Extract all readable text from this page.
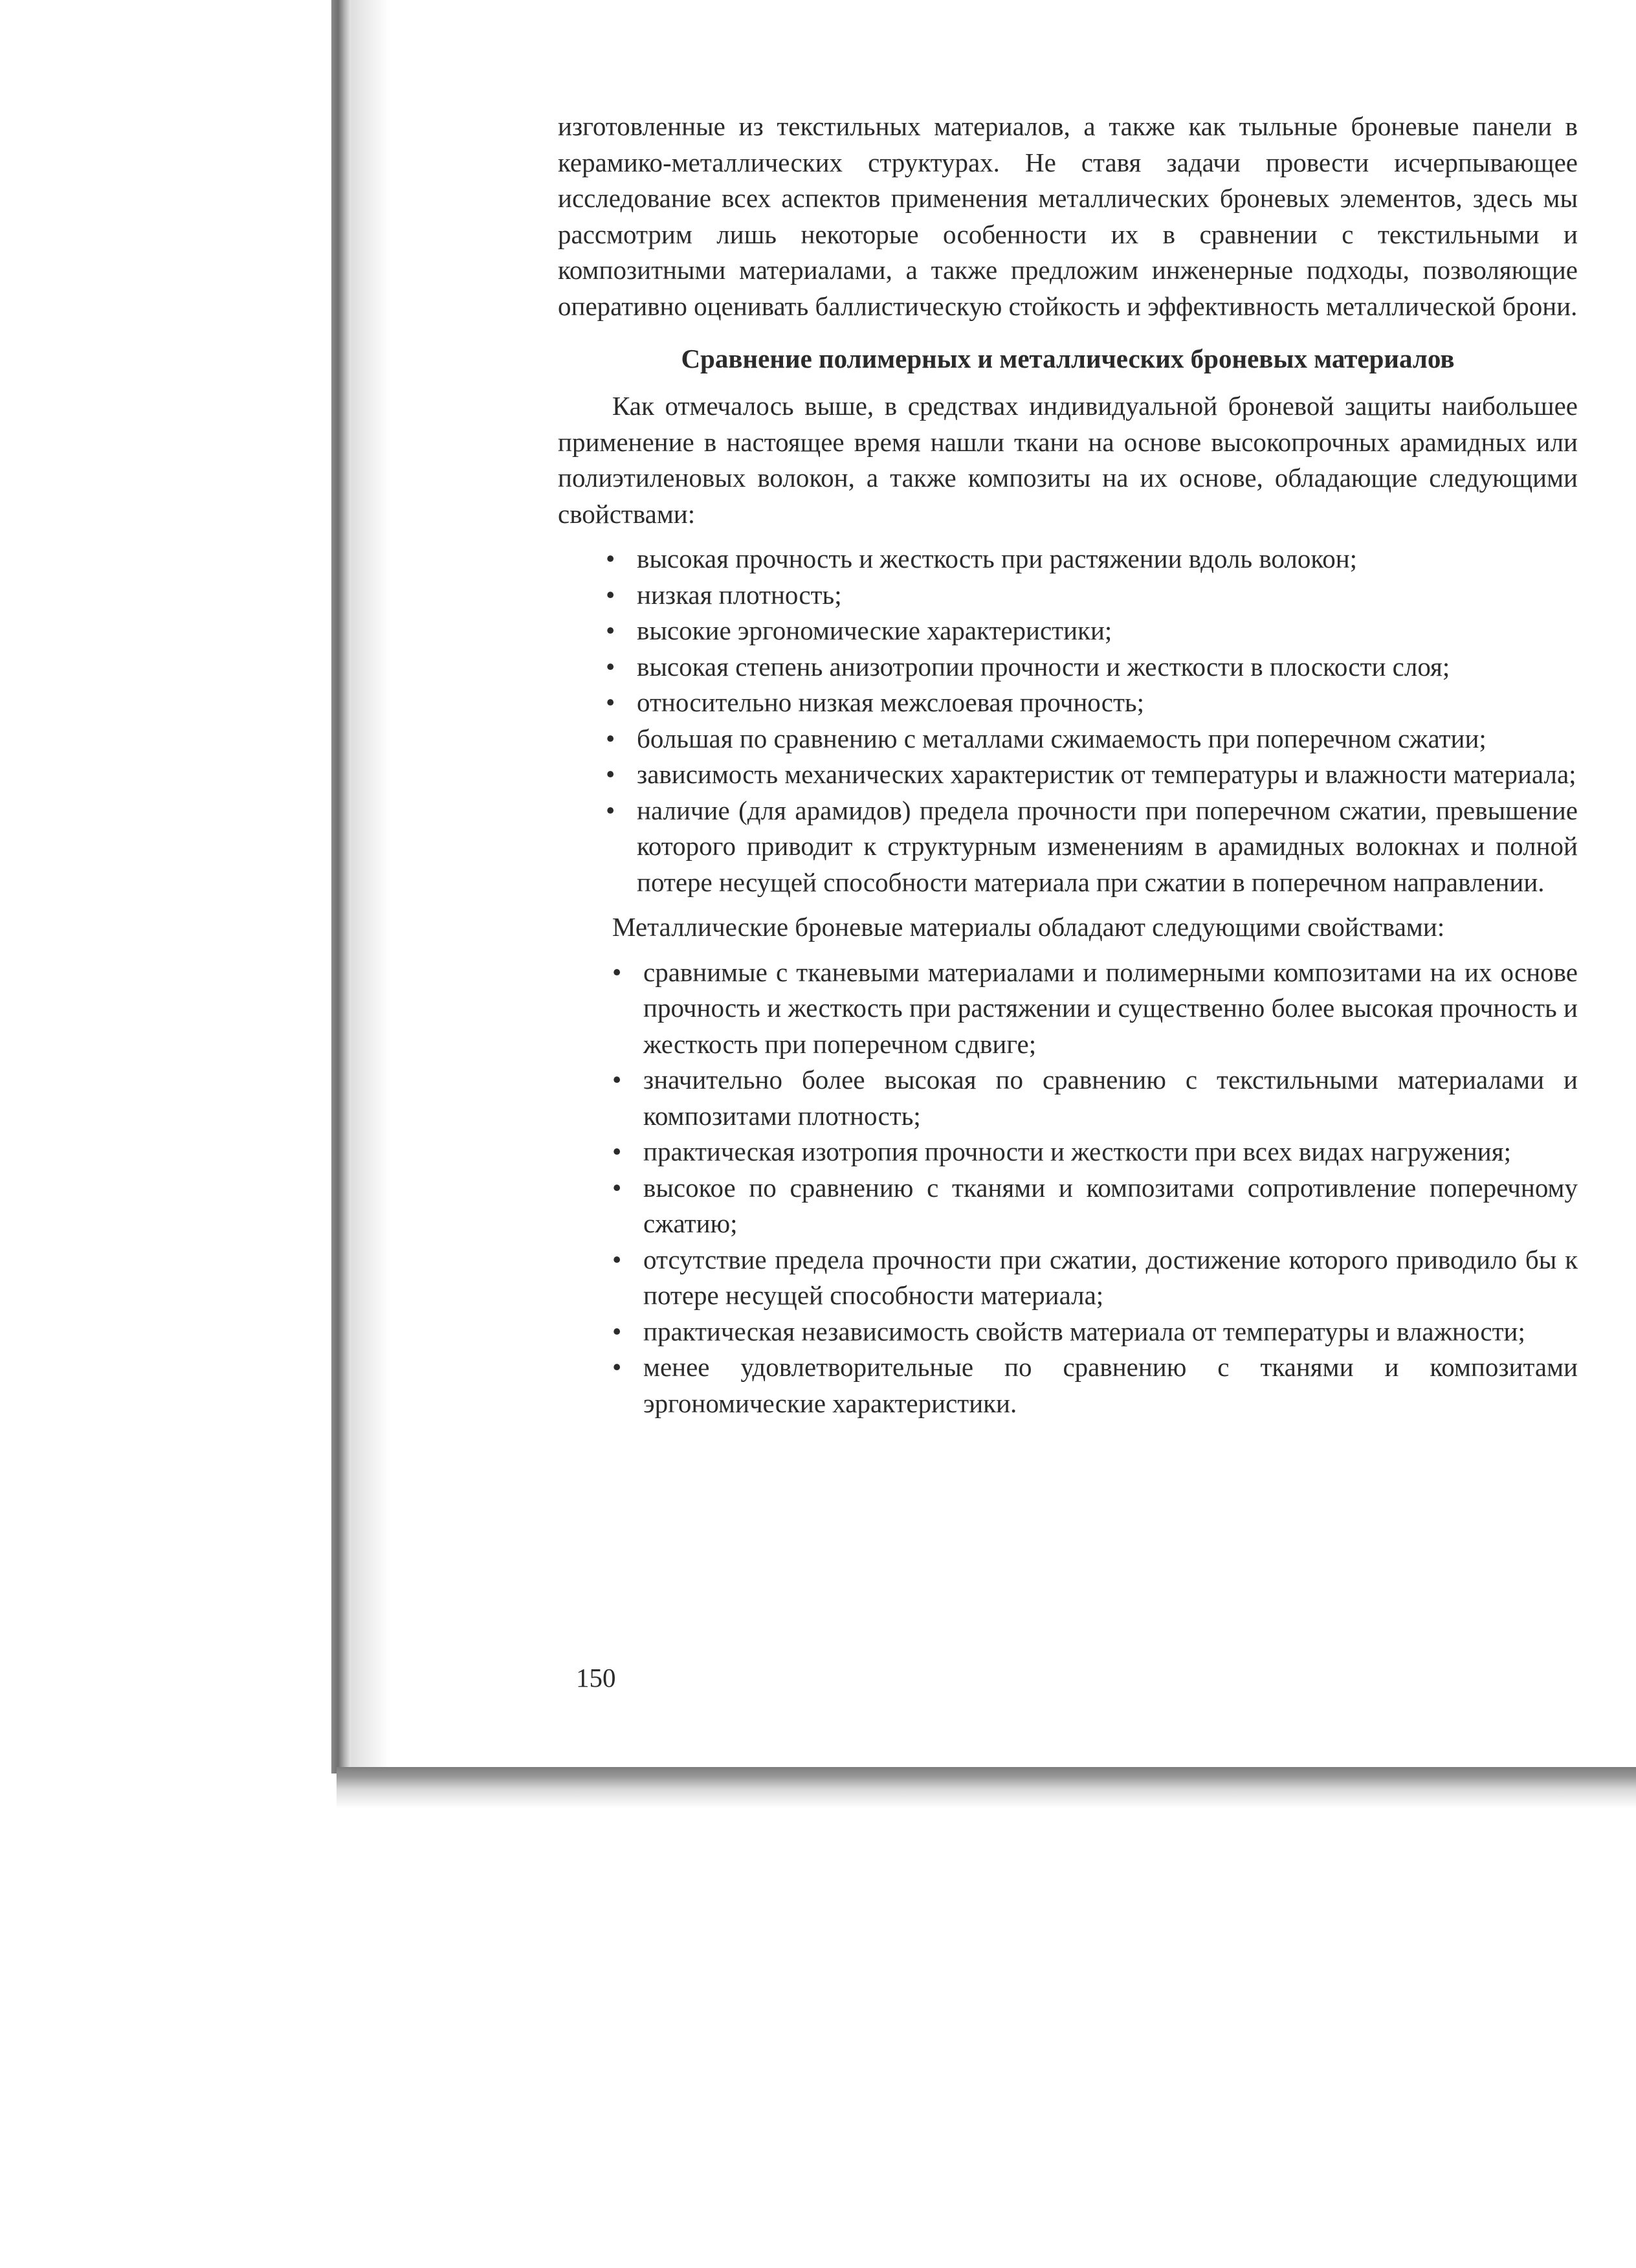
изготовленные из текстильных материалов, а также как тыльные броневые панели в керамико-металлических структурах. Не ставя задачи провести исчерпывающее исследование всех аспектов применения металлических броневых элементов, здесь мы рассмотрим лишь некоторые особенности их в сравнении с текстильными и композитными материалами, а также предложим инженерные подходы, позволяющие оперативно оценивать баллистическую стойкость и эффективность металлической брони.

Сравнение полимерных и металлических броневых материалов

Как отмечалось выше, в средствах индивидуальной броневой защиты наибольшее применение в настоящее время нашли ткани на основе высокопрочных арамидных или полиэтиленовых волокон, а также композиты на их основе, обладающие следующими свойствами:

• высокая прочность и жесткость при растяжении вдоль волокон;
• низкая плотность;
• высокие эргономические характеристики;
• высокая степень анизотропии прочности и жесткости в плоскости слоя;
• относительно низкая межслоевая прочность;
• большая по сравнению с металлами сжимаемость при поперечном сжатии;
• зависимость механических характеристик от температуры и влажности материала;
• наличие (для арамидов) предела прочности при поперечном сжатии, превышение которого приводит к структурным изменениям в арамидных волокнах и полной потере несущей способности материала при сжатии в поперечном направлении.

Металлические броневые материалы обладают следующими свойствами:

• сравнимые с тканевыми материалами и полимерными композитами на их основе прочность и жесткость при растяжении и существенно более высокая прочность и жесткость при поперечном сдвиге;
• значительно более высокая по сравнению с текстильными материалами и композитами плотность;
• практическая изотропия прочности и жесткости при всех видах нагружения;
• высокое по сравнению с тканями и композитами сопротивление поперечному сжатию;
• отсутствие предела прочности при сжатии, достижение которого приводило бы к потере несущей способности материала;
• практическая независимость свойств материала от температуры и влажности;
• менее удовлетворительные по сравнению с тканями и композитами эргономические характеристики.
150
